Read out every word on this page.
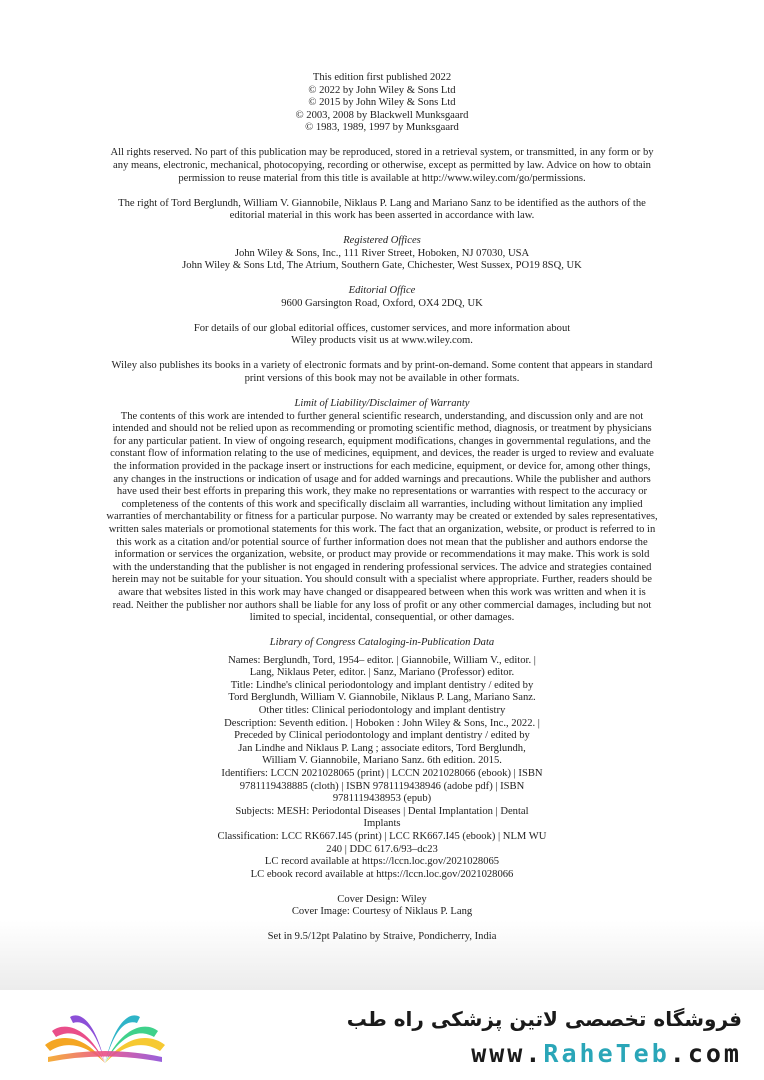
This edition first published 2022
© 2022 by John Wiley & Sons Ltd
© 2015 by John Wiley & Sons Ltd
© 2003, 2008 by Blackwell Munksgaard
© 1983, 1989, 1997 by Munksgaard
All rights reserved. No part of this publication may be reproduced, stored in a retrieval system, or transmitted, in any form or by
any means, electronic, mechanical, photocopying, recording or otherwise, except as permitted by law. Advice on how to obtain
permission to reuse material from this title is available at http://www.wiley.com/go/permissions.
The right of Tord Berglundh, William V. Giannobile, Niklaus P. Lang and Mariano Sanz to be identified as the authors of the
editorial material in this work has been asserted in accordance with law.
Registered Offices
John Wiley & Sons, Inc., 111 River Street, Hoboken, NJ 07030, USA
John Wiley & Sons Ltd, The Atrium, Southern Gate, Chichester, West Sussex, PO19 8SQ, UK
Editorial Office
9600 Garsington Road, Oxford, OX4 2DQ, UK
For details of our global editorial offices, customer services, and more information about
Wiley products visit us at www.wiley.com.
Wiley also publishes its books in a variety of electronic formats and by print-on-demand. Some content that appears in standard
print versions of this book may not be available in other formats.
Limit of Liability/Disclaimer of Warranty
The contents of this work are intended to further general scientific research, understanding, and discussion only and are not
intended and should not be relied upon as recommending or promoting scientific method, diagnosis, or treatment by physicians
for any particular patient. In view of ongoing research, equipment modifications, changes in governmental regulations, and the
constant flow of information relating to the use of medicines, equipment, and devices, the reader is urged to review and evaluate
the information provided in the package insert or instructions for each medicine, equipment, or device for, among other things,
any changes in the instructions or indication of usage and for added warnings and precautions. While the publisher and authors
have used their best efforts in preparing this work, they make no representations or warranties with respect to the accuracy or
completeness of the contents of this work and specifically disclaim all warranties, including without limitation any implied
warranties of merchantability or fitness for a particular purpose. No warranty may be created or extended by sales representatives,
written sales materials or promotional statements for this work. The fact that an organization, website, or product is referred to in
this work as a citation and/or potential source of further information does not mean that the publisher and authors endorse the
information or services the organization, website, or product may provide or recommendations it may make. This work is sold
with the understanding that the publisher is not engaged in rendering professional services. The advice and strategies contained
herein may not be suitable for your situation. You should consult with a specialist where appropriate. Further, readers should be
aware that websites listed in this work may have changed or disappeared between when this work was written and when it is
read. Neither the publisher nor authors shall be liable for any loss of profit or any other commercial damages, including but not
limited to special, incidental, consequential, or other damages.
Library of Congress Cataloging-in-Publication Data
Names: Berglundh, Tord, 1954– editor. | Giannobile, William V., editor. |
Lang, Niklaus Peter, editor. | Sanz, Mariano (Professor) editor.
Title: Lindhe's clinical periodontology and implant dentistry / edited by
Tord Berglundh, William V. Giannobile, Niklaus P. Lang, Mariano Sanz.
Other titles: Clinical periodontology and implant dentistry
Description: Seventh edition. | Hoboken : John Wiley & Sons, Inc., 2022. |
Preceded by Clinical periodontology and implant dentistry / edited by
Jan Lindhe and Niklaus P. Lang ; associate editors, Tord Berglundh,
William V. Giannobile, Mariano Sanz. 6th edition. 2015.
Identifiers: LCCN 2021028065 (print) | LCCN 2021028066 (ebook) | ISBN
9781119438885 (cloth) | ISBN 9781119438946 (adobe pdf) | ISBN
9781119438953 (epub)
Subjects: MESH: Periodontal Diseases | Dental Implantation | Dental
Implants
Classification: LCC RK667.I45 (print) | LCC RK667.I45 (ebook) | NLM WU
240 | DDC 617.6/93–dc23
LC record available at https://lccn.loc.gov/2021028065
LC ebook record available at https://lccn.loc.gov/2021028066
Cover Design: Wiley
Cover Image: Courtesy of Niklaus P. Lang
Set in 9.5/12pt Palatino by Straive, Pondicherry, India
فروشگاه تخصصی لاتین پزشکی راه طب
www.RaheTeb.com
